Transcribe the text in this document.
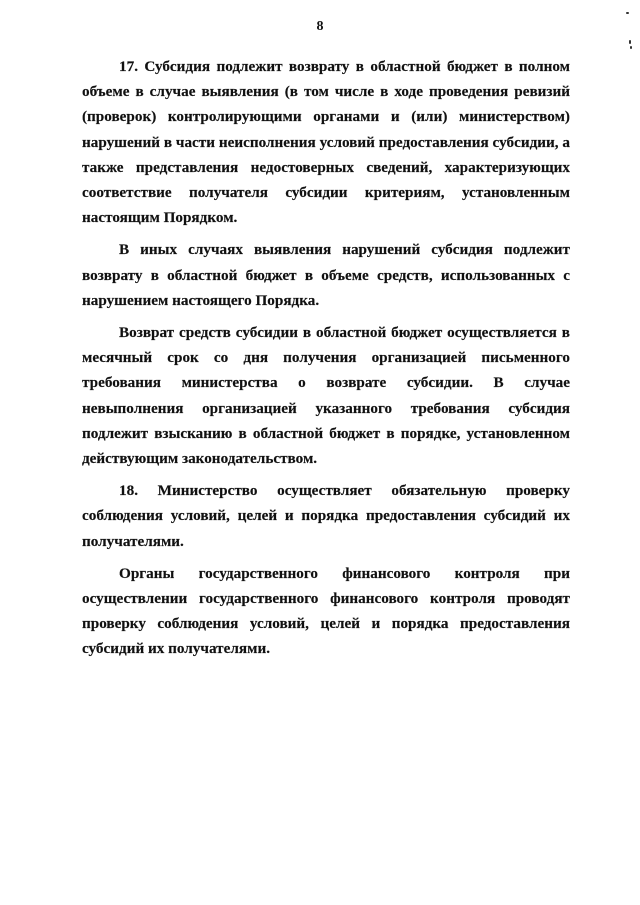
8

17. Субсидия подлежит возврату в областной бюджет в полном объеме в случае выявления (в том числе в ходе проведения ревизий (проверок) контролирующими органами и (или) министерством) нарушений в части неисполнения условий предоставления субсидии, а также представления недостоверных сведений, характеризующих соответствие получателя субсидии критериям, установленным настоящим Порядком.

В иных случаях выявления нарушений субсидия подлежит возврату в областной бюджет в объеме средств, использованных с нарушением настоящего Порядка.

Возврат средств субсидии в областной бюджет осуществляется в месячный срок со дня получения организацией письменного требования министерства о возврате субсидии. В случае невыполнения организацией указанного требования субсидия подлежит взысканию в областной бюджет в порядке, установленном действующим законодательством.

18. Министерство осуществляет обязательную проверку соблюдения условий, целей и порядка предоставления субсидий их получателями.

Органы государственного финансового контроля при осуществлении государственного финансового контроля проводят проверку соблюдения условий, целей и порядка предоставления субсидий их получателями.
